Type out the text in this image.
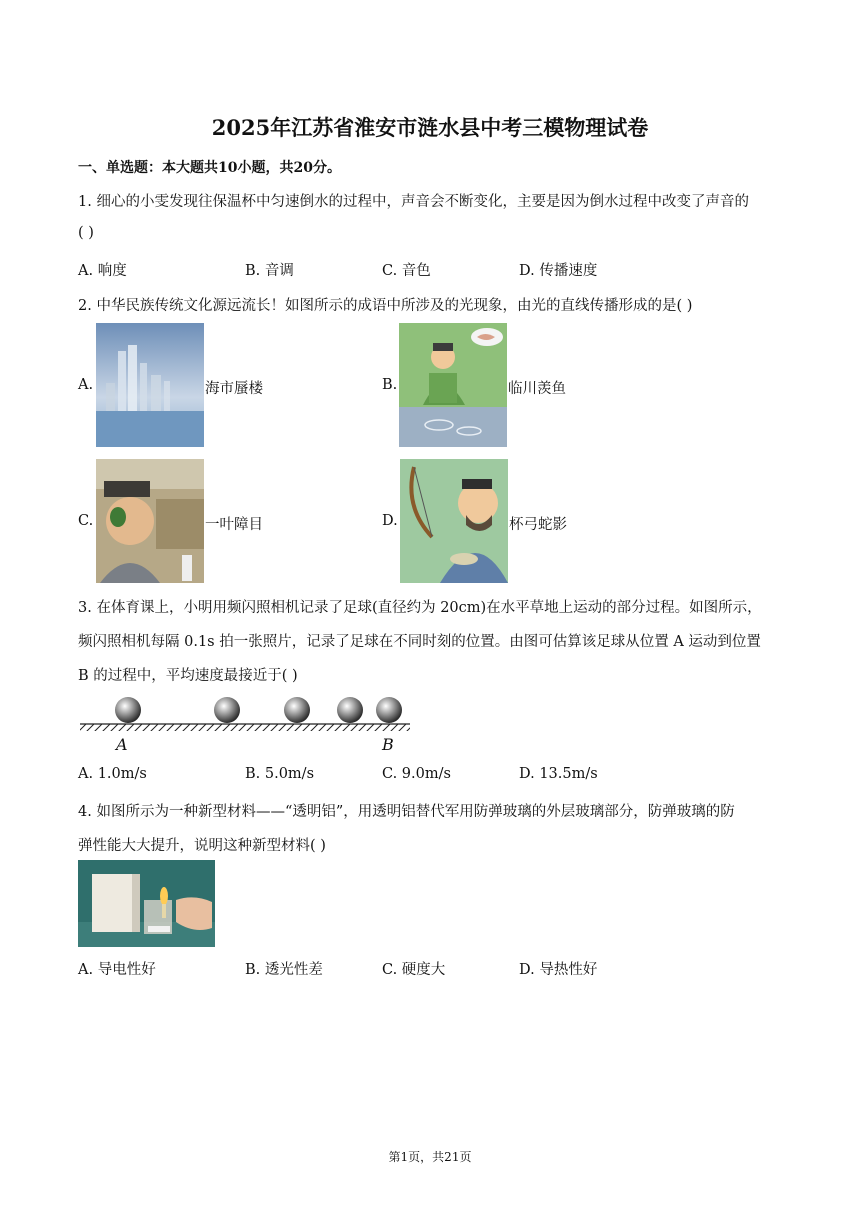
2025年江苏省淮安市涟水县中考三模物理试卷
一、单选题：本大题共10小题，共20分。
1. 细心的小雯发现往保温杯中匀速倒水的过程中，声音会不断变化，主要是因为倒水过程中改变了声音的
( )
A. 响度	B. 音调	C. 音色	D. 传播速度
2. 中华民族传统文化源远流长！如图所示的成语中所涉及的光现象，由光的直线传播形成的是( )
A.	海市蜃楼	B.	临川羡鱼
C.	一叶障目	D.	杯弓蛇影
3. 在体育课上，小明用频闪照相机记录了足球(直径约为 20cm)在水平草地上运动的部分过程。如图所示，
频闪照相机每隔 0.1s 拍一张照片，记录了足球在不同时刻的位置。由图可估算该足球从位置 A 运动到位置
B 的过程中，平均速度最接近于( )
A	B
A. 1.0m/s	B. 5.0m/s	C. 9.0m/s	D. 13.5m/s
4. 如图所示为一种新型材料——“透明铝”，用透明铝替代军用防弹玻璃的外层玻璃部分，防弹玻璃的防
弹性能大大提升，说明这种新型材料( )
A. 导电性好	B. 透光性差	C. 硬度大	D. 导热性好
第1页，共21页
